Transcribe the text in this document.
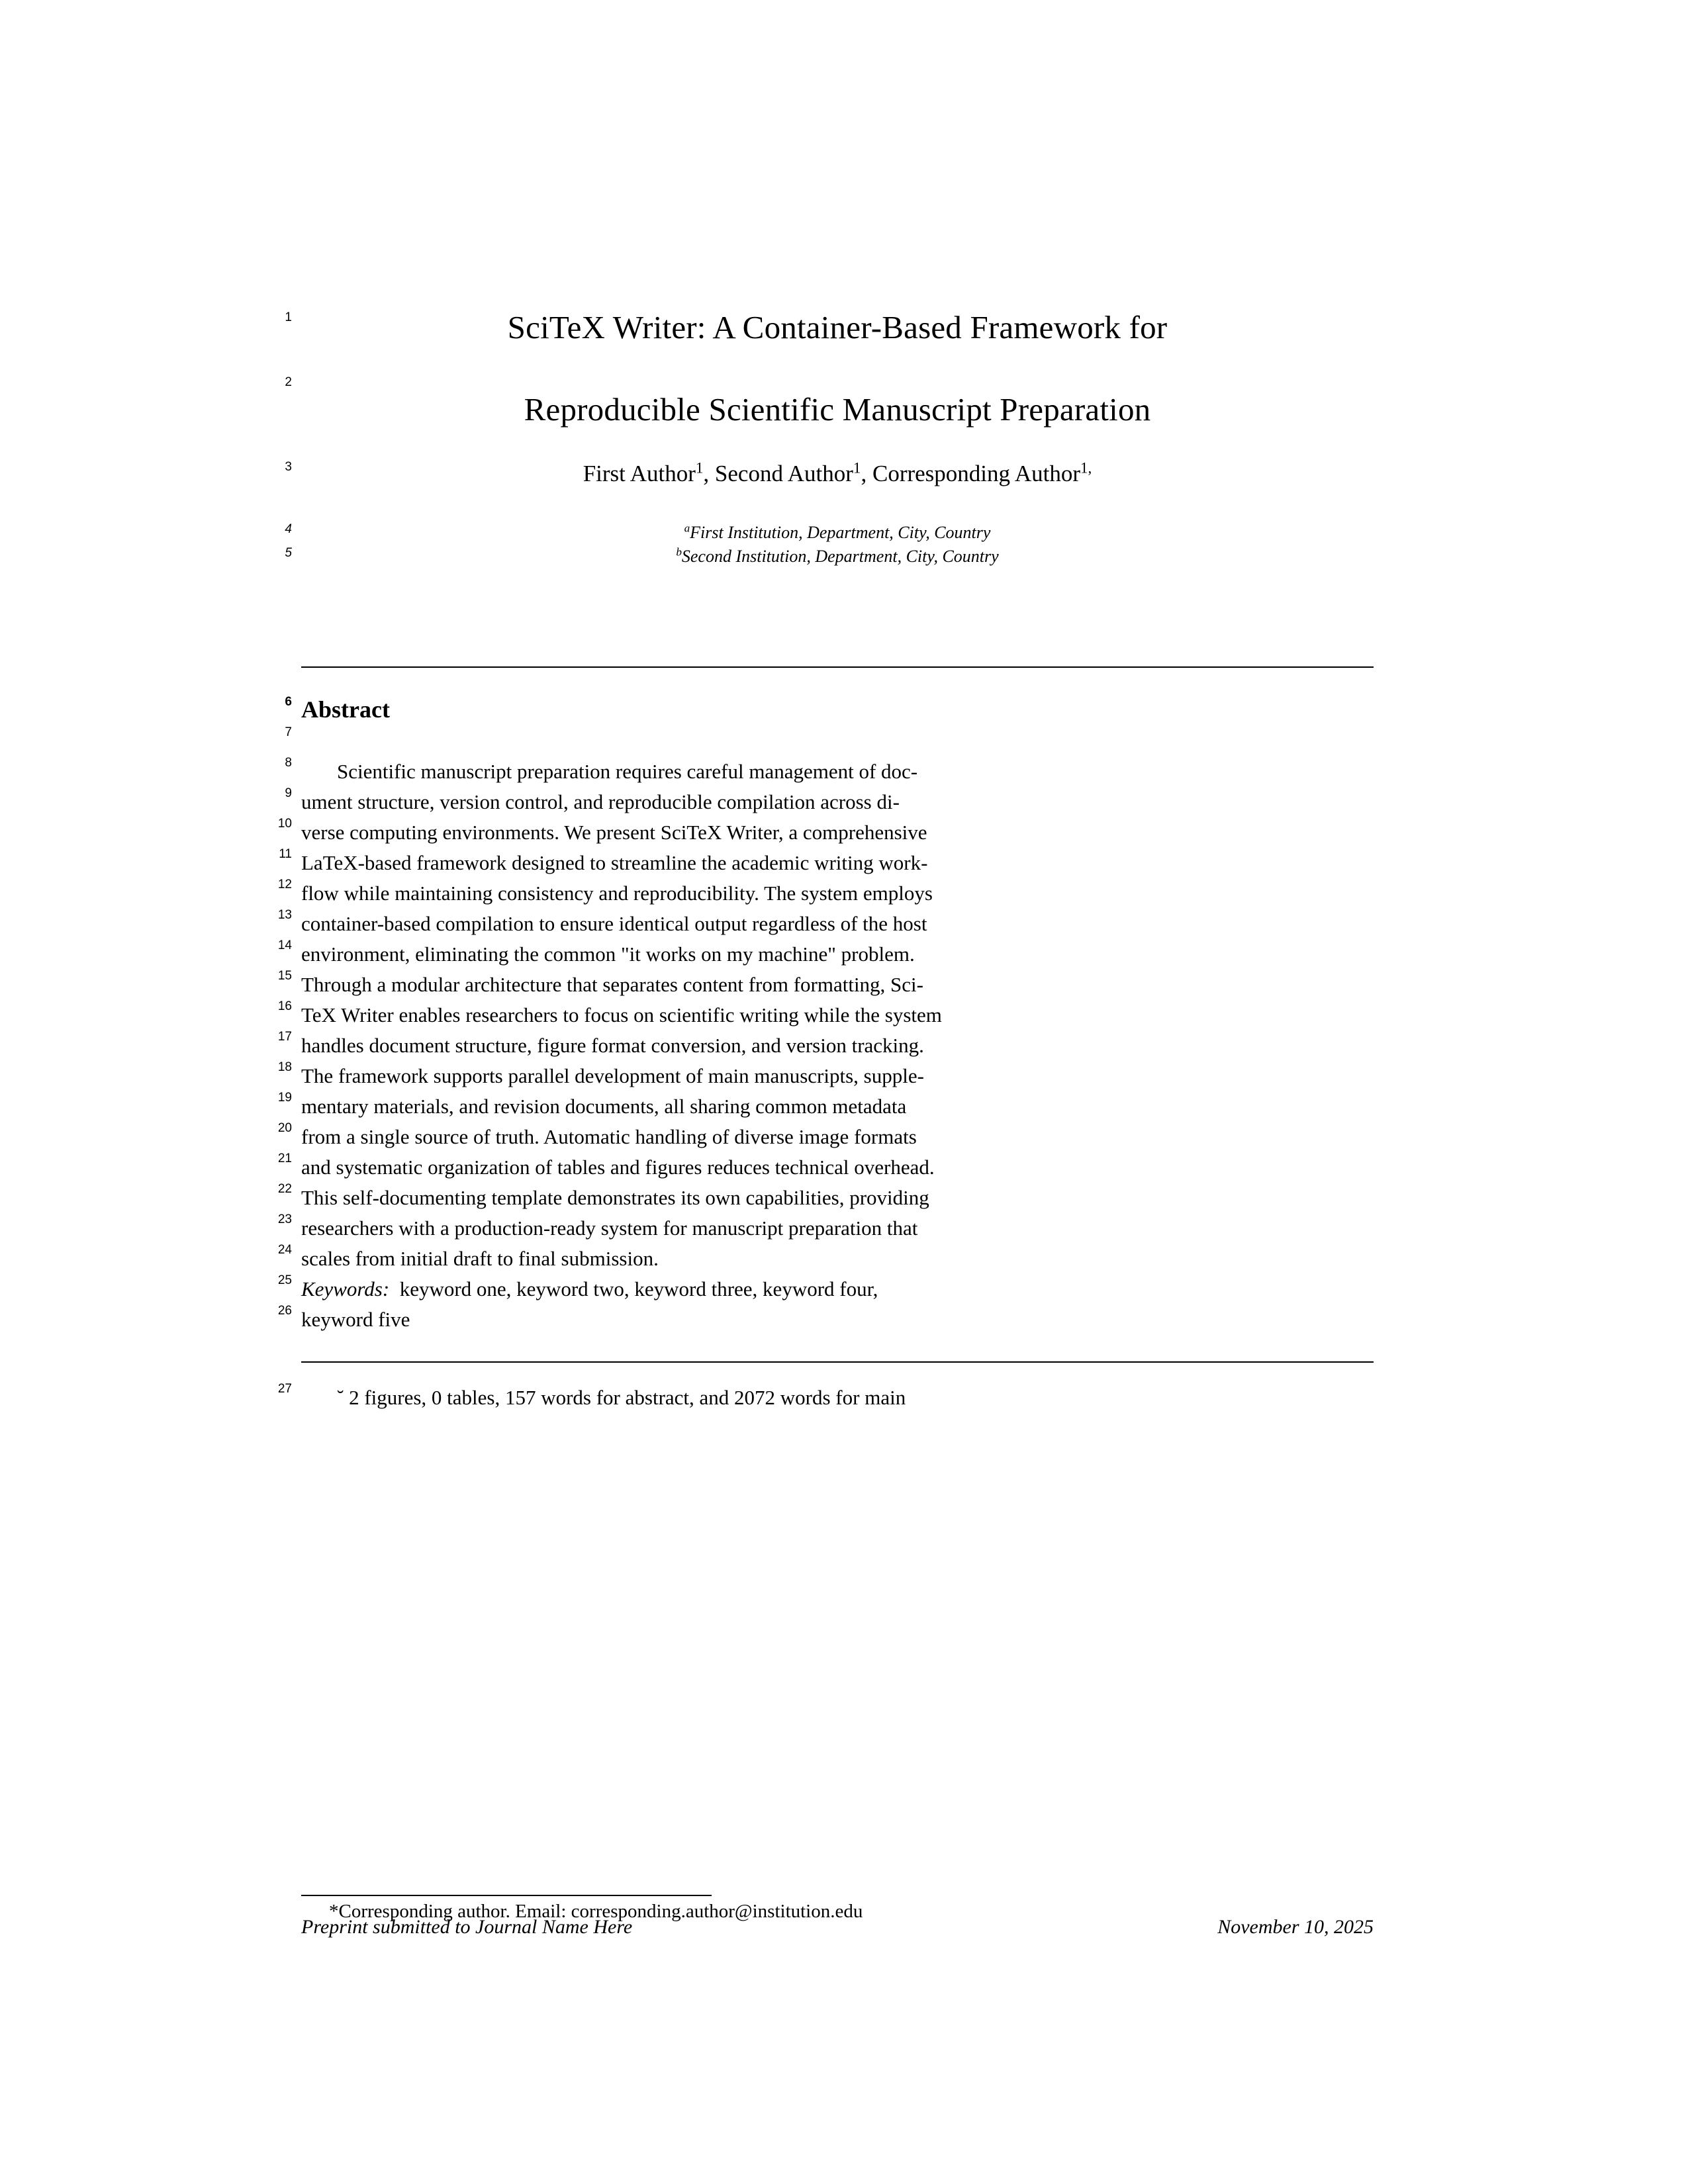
1	SciTeX Writer: A Container-Based Framework for
2
Reproducible Scientific Manuscript Preparation
3	First Author$^1$, Second Author$^1$, Corresponding Author$^{1,}$
4	$^a$First Institution, Department, City, Country
5	$^b$Second Institution, Department, City, Country
6 Abstract
7
8	Scientific manuscript preparation requires careful management of doc-
9 ument structure, version control, and reproducible compilation across di-
10 verse computing environments. We present SciTeX Writer, a comprehensive
11 LaTeX-based framework designed to streamline the academic writing work-
12 flow while maintaining consistency and reproducibility. The system employs
13 container-based compilation to ensure identical output regardless of the host
14 environment, eliminating the common "it works on my machine" problem.
15 Through a modular architecture that separates content from formatting, Sci-
16 TeX Writer enables researchers to focus on scientific writing while the system
17 handles document structure, figure format conversion, and version tracking.
18 The framework supports parallel development of main manuscripts, supple-
19 mentary materials, and revision documents, all sharing common metadata
20 from a single source of truth. Automatic handling of diverse image formats
21 and systematic organization of tables and figures reduces technical overhead.
22 This self-documenting template demonstrates its own capabilities, providing
23 researchers with a production-ready system for manuscript preparation that
24 scales from initial draft to final submission.
25 Keywords: keyword one, keyword two, keyword three, keyword four,
26 keyword five
27	˘ 2 figures, 0 tables, 157 words for abstract, and 2072 words for main
*Corresponding author. Email: corresponding.author@institution.edu
Preprint submitted to Journal Name Here	November 10, 2025
